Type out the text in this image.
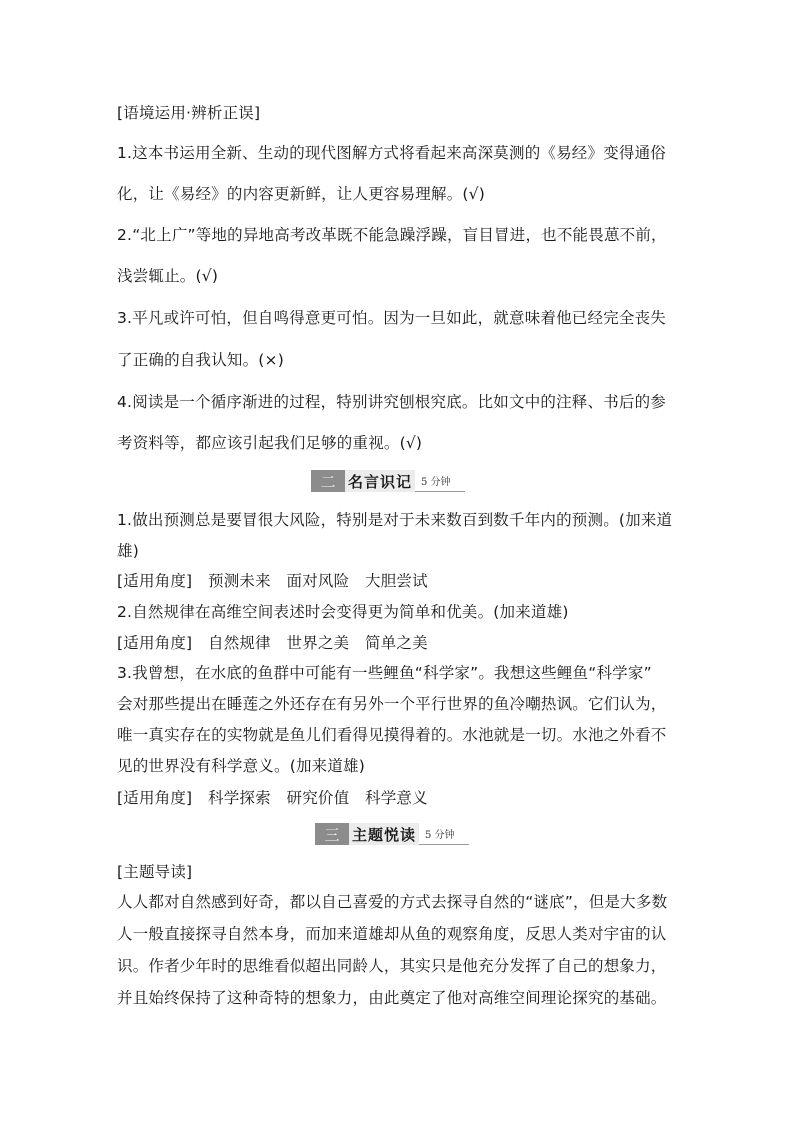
[语境运用·辨析正误]
1.这本书运用全新、生动的现代图解方式将看起来高深莫测的《易经》变得通俗
化，让《易经》的内容更新鲜，让人更容易理解。(√)
2.“北上广”等地的异地高考改革既不能急躁浮躁，盲目冒进，也不能畏葸不前，
浅尝辄止。(√)
3.平凡或许可怕，但自鸣得意更可怕。因为一旦如此，就意味着他已经完全丧失
了正确的自我认知。(×)
4.阅读是一个循序渐进的过程，特别讲究刨根究底。比如文中的注释、书后的参
考资料等，都应该引起我们足够的重视。(√)
二 名言识记 5 分钟
1.做出预测总是要冒很大风险，特别是对于未来数百到数千年内的预测。(加来道
雄)
[适用角度]　预测未来　面对风险　大胆尝试
2.自然规律在高维空间表述时会变得更为简单和优美。(加来道雄)
[适用角度]　自然规律　世界之美　简单之美
3.我曾想，在水底的鱼群中可能有一些鲤鱼“科学家”。我想这些鲤鱼“科学家”
会对那些提出在睡莲之外还存在有另外一个平行世界的鱼冷嘲热讽。它们认为，
唯一真实存在的实物就是鱼儿们看得见摸得着的。水池就是一切。水池之外看不
见的世界没有科学意义。(加来道雄)
[适用角度]　科学探索　研究价值　科学意义
三 主题悦读 5 分钟
[主题导读]
人人都对自然感到好奇，都以自己喜爱的方式去探寻自然的“谜底”，但是大多数
人一般直接探寻自然本身，而加来道雄却从鱼的观察角度，反思人类对宇宙的认
识。作者少年时的思维看似超出同龄人，其实只是他充分发挥了自己的想象力，
并且始终保持了这种奇特的想象力，由此奠定了他对高维空间理论探究的基础。
